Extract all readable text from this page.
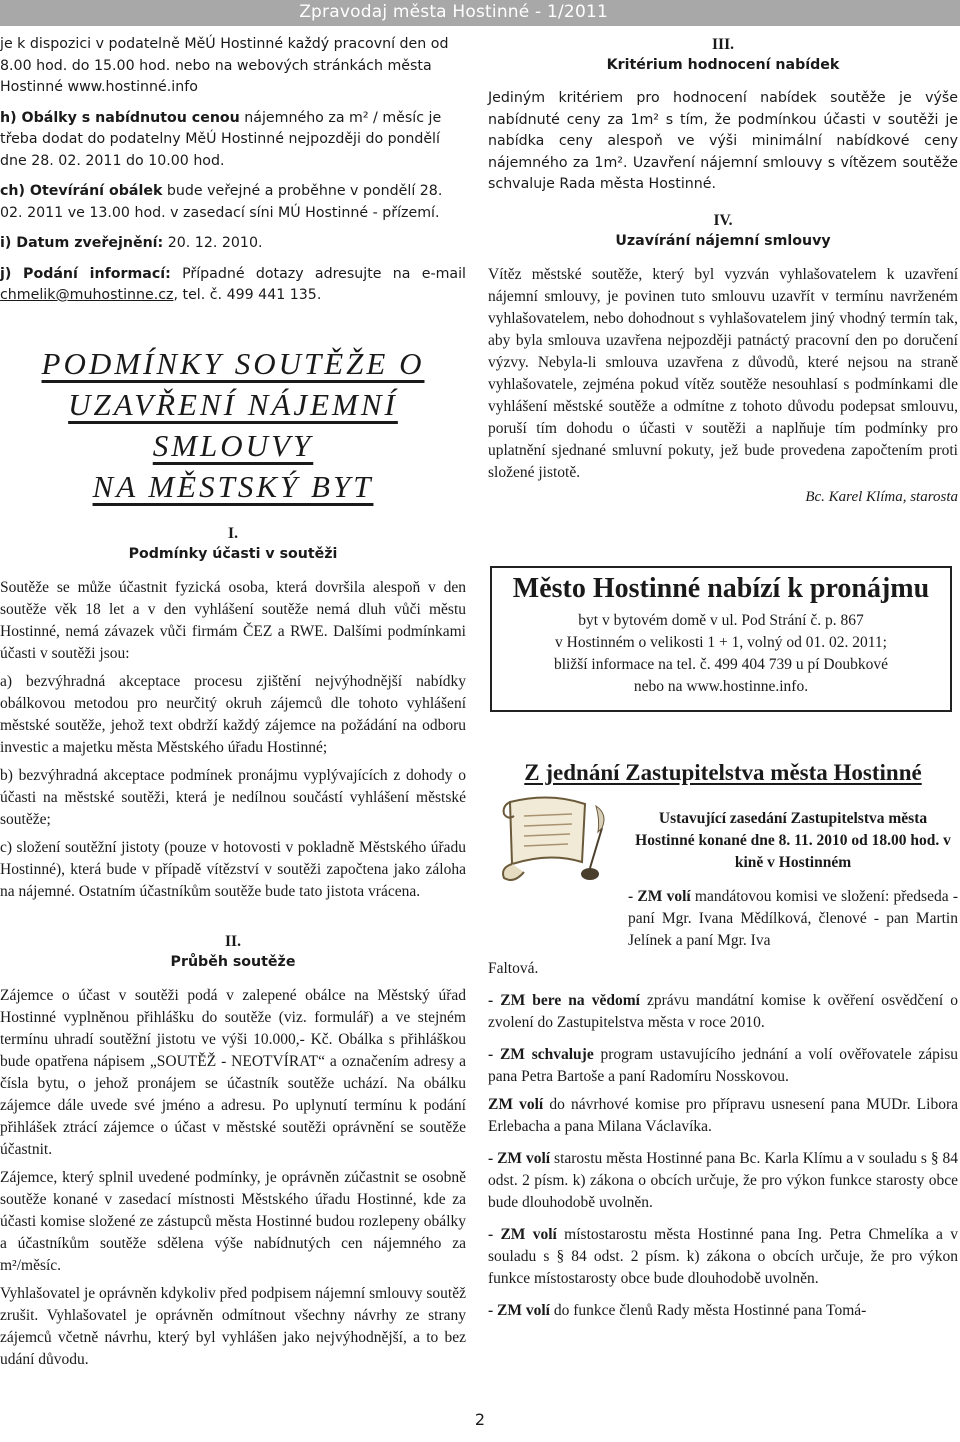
Zpravodaj města Hostinné - 1/2011

je k dispozici v podatelně MěÚ Hostinné každý pracovní den od 8.00 hod. do 15.00 hod. nebo na webových stránkách města Hostinné www.hostinné.info

h) Obálky s nabídnutou cenou nájemného za m² / měsíc je třeba dodat do podatelny MěÚ Hostinné nejpozději do pondělí dne 28. 02. 2011 do 10.00 hod.

ch) Otevírání obálek bude veřejné a proběhne v pondělí 28. 02. 2011 ve 13.00 hod. v zasedací síni MÚ Hostinné - přízemí.

i) Datum zveřejnění: 20. 12. 2010.

j) Podání informací: Případné dotazy adresujte na e-mail chmelik@muhostinne.cz, tel. č. 499 441 135.

PODMÍNKY SOUTĚŽE O
UZAVŘENÍ NÁJEMNÍ SMLOUVY
NA MĚSTSKÝ BYT

I.

Podmínky účasti v soutěži

Soutěže se může účastnit fyzická osoba, která dovršila alespoň v den soutěže věk 18 let a v den vyhlášení soutěže nemá dluh vůči městu Hostinné, nemá závazek vůči firmám ČEZ a RWE. Dalšími podmínkami účasti v soutěži jsou:

a) bezvýhradná akceptace procesu zjištění nejvýhodnější nabídky obálkovou metodou pro neurčitý okruh zájemců dle tohoto vyhlášení městské soutěže, jehož text obdrží každý zájemce na požádání na odboru investic a majetku města Městského úřadu Hostinné;

b) bezvýhradná akceptace podmínek pronájmu vyplývajících z dohody o účasti na městské soutěži, která je nedílnou součástí vyhlášení městské soutěže;

c) složení soutěžní jistoty (pouze v hotovosti v pokladně Městského úřadu Hostinné), která bude v případě vítězství v soutěži započtena jako záloha na nájemné. Ostatním účastníkům soutěže bude tato jistota vrácena.

II.

Průběh soutěže

Zájemce o účast v soutěži podá v zalepené obálce na Městský úřad Hostinné vyplněnou přihlášku do soutěže (viz. formulář) a ve stejném termínu uhradí soutěžní jistotu ve výši 10.000,- Kč. Obálka s přihláškou bude opatřena nápisem „SOUTĚŽ - NEOTVÍRAT“ a označením adresy a čísla bytu, o jehož pronájem se účastník soutěže uchází. Na obálku zájemce dále uvede své jméno a adresu. Po uplynutí termínu k podání přihlášek ztrácí zájemce o účast v městské soutěži oprávnění se soutěže účastnit.

Zájemce, který splnil uvedené podmínky, je oprávněn zúčastnit se osobně soutěže konané v zasedací místnosti Městského úřadu Hostinné, kde za účasti komise složené ze zástupců města Hostinné budou rozlepeny obálky a účastníkům soutěže sdělena výše nabídnutých cen nájemného za m²/měsíc.

Vyhlašovatel je oprávněn kdykoliv před podpisem nájemní smlouvy soutěž zrušit. Vyhlašovatel je oprávněn odmítnout všechny návrhy ze strany zájemců včetně návrhu, který byl vyhlášen jako nejvýhodnější, a to bez udání důvodu.

III.

Kritérium hodnocení nabídek

Jediným kritériem pro hodnocení nabídek soutěže je výše nabídnuté ceny za 1m² s tím, že podmínkou účasti v soutěži je nabídka ceny alespoň ve výši minimální nabídkové ceny nájemného za 1m². Uzavření nájemní smlouvy s vítězem soutěže schvaluje Rada města Hostinné.

IV.

Uzavírání nájemní smlouvy

Vítěz městské soutěže, který byl vyzván vyhlašovatelem k uzavření nájemní smlouvy, je povinen tuto smlouvu uzavřít v termínu navrženém vyhlašovatelem, nebo dohodnout s vyhlašovatelem jiný vhodný termín tak, aby byla smlouva uzavřena nejpozději patnáctý pracovní den po doručení výzvy. Nebyla-li smlouva uzavřena z důvodů, které nejsou na straně vyhlašovatele, zejména pokud vítěz soutěže nesouhlasí s podmínkami dle vyhlášení městské soutěže a odmítne z tohoto důvodu podepsat smlouvu, poruší tím dohodu o účasti v soutěži a naplňuje tím podmínky pro uplatnění sjednané smluvní pokuty, jež bude provedena započtením proti složené jistotě.

Bc. Karel Klíma, starosta

Město Hostinné nabízí k pronájmu

byt v bytovém domě v ul. Pod Strání č. p. 867

v Hostinném o velikosti 1 + 1, volný od 01. 02. 2011;

bližší informace na tel. č. 499 404 739 u pí Doubkové

nebo na www.hostinne.info.

Z jednání Zastupitelstva města Hostinné

Ustavující zasedání Zastupitelstva města Hostinné konané dne 8. 11. 2010 od 18.00 hod. v kině v Hostinném

- ZM volí mandátovou komisi ve složení: předseda - paní Mgr. Ivana Mědílková, členové - pan Martin Jelínek a paní Mgr. Iva

Faltová.

- ZM bere na vědomí zprávu mandátní komise k ověření osvědčení o zvolení do Zastupitelstva města v roce 2010.

- ZM schvaluje program ustavujícího jednání a volí ověřovatele zápisu pana Petra Bartoše a paní Radomíru Nosskovou.

ZM volí do návrhové komise pro přípravu usnesení pana MUDr. Libora Erlebacha a pana Milana Václavíka.

- ZM volí starostu města Hostinné pana Bc. Karla Klímu a v souladu s § 84 odst. 2 písm. k) zákona o obcích určuje, že pro výkon funkce starosty obce bude dlouhodobě uvolněn.

- ZM volí místostarostu města Hostinné pana Ing. Petra Chmelíka a v souladu s § 84 odst. 2 písm. k) zákona o obcích určuje, že pro výkon funkce místostarosty obce bude dlouhodobě uvolněn.

- ZM volí do funkce členů Rady města Hostinné pana Tomá-

2
